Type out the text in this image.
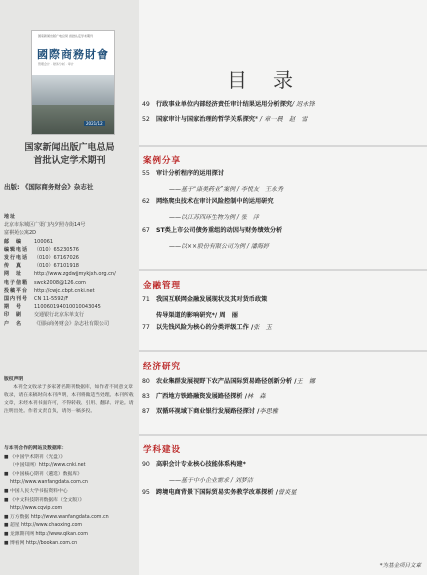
国家新闻出版广电总局 首批认定学术期刊
國際商務財會
管理会计 · 财务分析 · 审计
2021/12
国家新闻出版广电总局
首批认定学术期刊
出版: 《国际商务财会》杂志社
地址
北京市东城区广渠门内夕照寺街14号
富祺苑公寓2D
邮　编	100061
编辑电话	（010）65230576
发行电话	（010）67167026
传　真	（010）67101918
网　址	http://www.zgdwjjmykjxh.org.cn/
电子信箱	swck2008@126.com
投稿平台	http://cwjc.cbpt.cnki.net
国内刊号	CN 11-5592/F
期　号	110060194010010043045
印　刷	交通银行北京东单支行
户　名	《国际商务财会》杂志社有限公司
版权声明
本刊全文收录于多家著名期刊数据库，如作者不同意文章收录，请在来稿时向本刊声明，本刊将做适当处理。本刊所载文章，未经本刊书面许可，不得转载、引用、翻译、评论。请注明出处。作者文责自负，请勿一稿多投。
与本刊合作的网站及数据库：
■ 《中国学术期刊（光盘）》
（中国知网）http://www.cnki.net
■ 《中国核心期刊（遴选）数据库》
http://www.wanfangdata.com.cn
■ 中国人民大学书报资料中心
■ 《中文科技期刊数据库（全文版）》
http://www.cqvip.com
■ 万方数据 http://www.wanfangdata.com.cn
■ 超星 http://www.chaoxing.com
■ 龙源期刊网 http://www.qikan.com
■ 博看网 http://bookan.com.cn
目录
49 行政事业单位内部经济责任审计结果运用分析探究/ 迟永锋
52 国家审计与国家治理的哲学关系探究* / 章一晨　赵　雪
案例分享
55 审计分析程序的运用探讨
——基于“康美药业”案例 / 李悦友　王永秀
62 网络爬虫技术在审计风险控制中的运用研究
——以江苏四环生物为例 / 张　洋
67 ST类上市公司债务重组的动因与财务绩效分析
——以××股份有限公司为例 / 潘海婷
金融管理
71 我国互联网金融发展现状及其对货币政策
传导渠道的影响研究*/ 周　丽
77 以先钱风险为核心的分类评级工作 /张　玉
经济研究
80 农业集群发展视野下农产品国际贸易路径创新分析 /王　娜
83 广西地方铁路融资发展路径探析 /林　森
87 双循环视域下商业银行发展路径探讨 /李思雅
学科建设
90 高职会计专业核心技能体系构建*
——基于中小企业需求 / 刘梦洁
95 跨境电商背景下国际贸易实务教学改革探析 /曾炎星
*为基金项目文章
